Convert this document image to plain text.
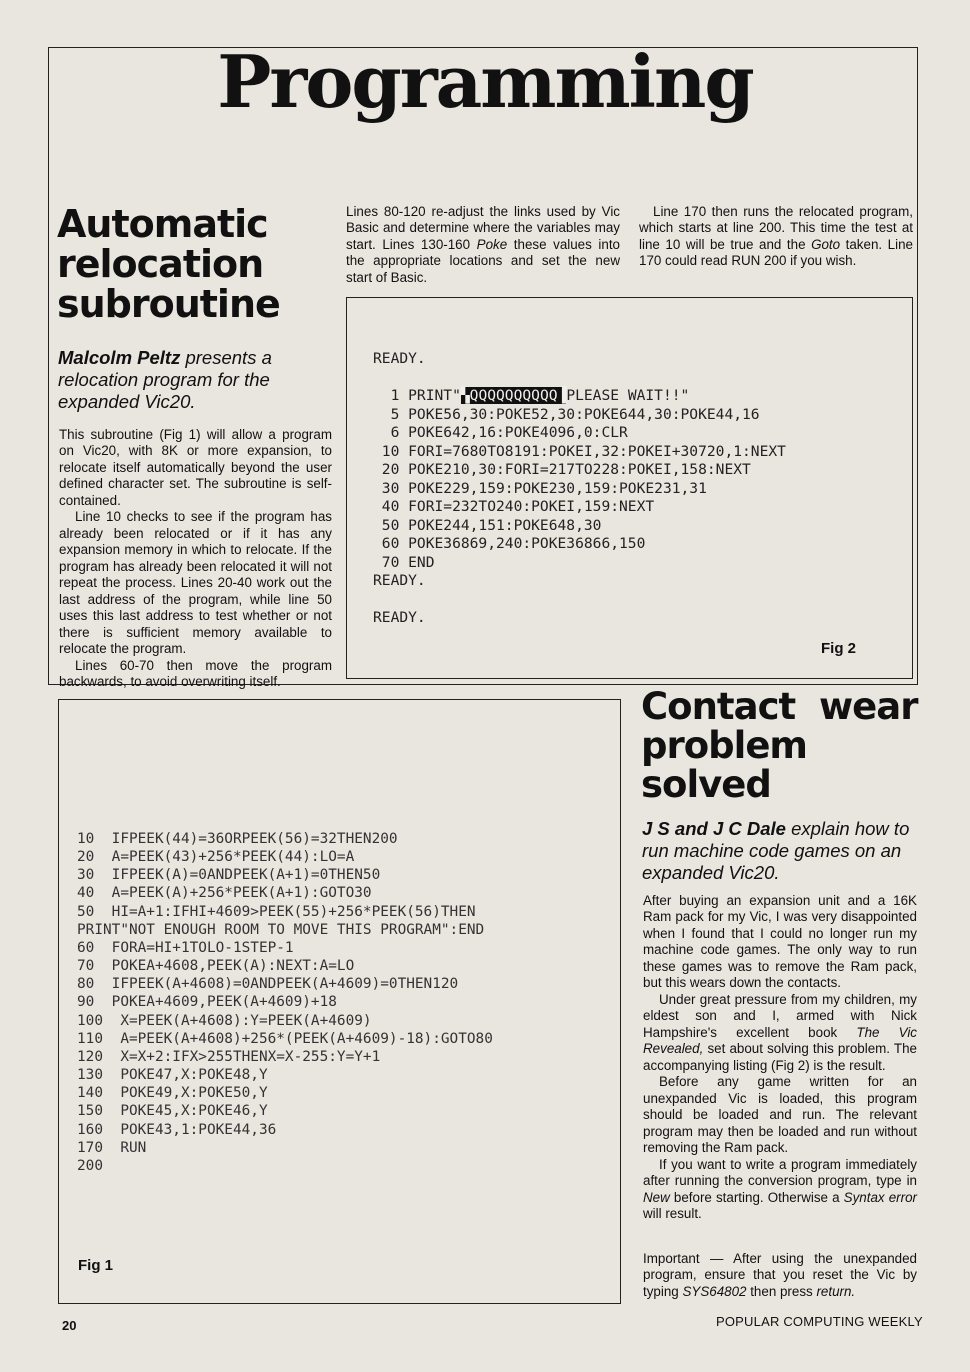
Programming
Automatic
relocation
subroutine
Malcolm Peltz presents a relocation program for the expanded Vic20.

This subroutine (Fig 1) will allow a program on Vic20, with 8K or more expansion, to relocate itself automatically beyond the user defined character set. The subroutine is self-contained.

Line 10 checks to see if the program has already been relocated or if it has any expansion memory in which to relocate. If the program has already been relocated it will not repeat the process. Lines 20-40 work out the last address of the program, while line 50 uses this last address to test whether or not there is sufficient memory available to relocate the program.

Lines 60-70 then move the program backwards, to avoid overwriting itself.

Lines 80-120 re-adjust the links used by Vic Basic and determine where the variables may start. Lines 130-160 Poke these values into the appropriate locations and set the new start of Basic.

Line 170 then runs the relocated program, which starts at line 200. This time the test at line 10 will be true and the Goto taken. Line 170 could read RUN 200 if you wish.

READY.

1 PRINT"▚QQQQQQQQQQ▐PLEASE WAIT!!"
5 POKE56,30:POKE52,30:POKE644,30:POKE44,16
6 POKE642,16:POKE4096,0:CLR
10 FORI=7680TO8191:POKEI,32:POKEI+30720,1:NEXT
20 POKE210,30:FORI=217TO228:POKEI,158:NEXT
30 POKE229,159:POKE230,159:POKE231,31
40 FORI=232TO240:POKEI,159:NEXT
50 POKE244,151:POKE648,30
60 POKE36869,240:POKE36866,150
70 END
READY.

READY.
Fig 2
10  IFPEEK(44)=36ORPEEK(56)=32THEN200
20  A=PEEK(43)+256*PEEK(44):LO=A
30  IFPEEK(A)=0ANDPEEK(A+1)=0THEN50
40  A=PEEK(A)+256*PEEK(A+1):GOTO30
50  HI=A+1:IFHI+4609>PEEK(55)+256*PEEK(56)THEN
PRINT"NOT ENOUGH ROOM TO MOVE THIS PROGRAM":END
60  FORA=HI+1TOLO-1STEP-1
70  POKEA+4608,PEEK(A):NEXT:A=LO
80  IFPEEK(A+4608)=0ANDPEEK(A+4609)=0THEN120
90  POKEA+4609,PEEK(A+4609)+18
100  X=PEEK(A+4608):Y=PEEK(A+4609)
110  A=PEEK(A+4608)+256*(PEEK(A+4609)-18):GOTO80
120  X=X+2:IFX>255THENX=X-255:Y=Y+1
130  POKE47,X:POKE48,Y
140  POKE49,X:POKE50,Y
150  POKE45,X:POKE46,Y
160  POKE43,1:POKE44,36
170  RUN
200
Fig 1
Contact  wear
problem
solved
J S and J C Dale explain how to run machine code games on an expanded Vic20.

After buying an expansion unit and a 16K Ram pack for my Vic, I was very disappointed when I found that I could no longer run my machine code games. The only way to run these games was to remove the Ram pack, but this wears down the contacts.

Under great pressure from my children, my eldest son and I, armed with Nick Hampshire's excellent book The Vic Revealed, set about solving this problem. The accompanying listing (Fig 2) is the result.

Before any game written for an unexpanded Vic is loaded, this program should be loaded and run. The relevant program may then be loaded and run without removing the Ram pack.

If you want to write a program immediately after running the conversion program, type in New before starting. Otherwise a Syntax error will result.

Important — After using the unexpanded program, ensure that you reset the Vic by typing SYS64802 then press return.

20	POPULAR COMPUTING WEEKLY
